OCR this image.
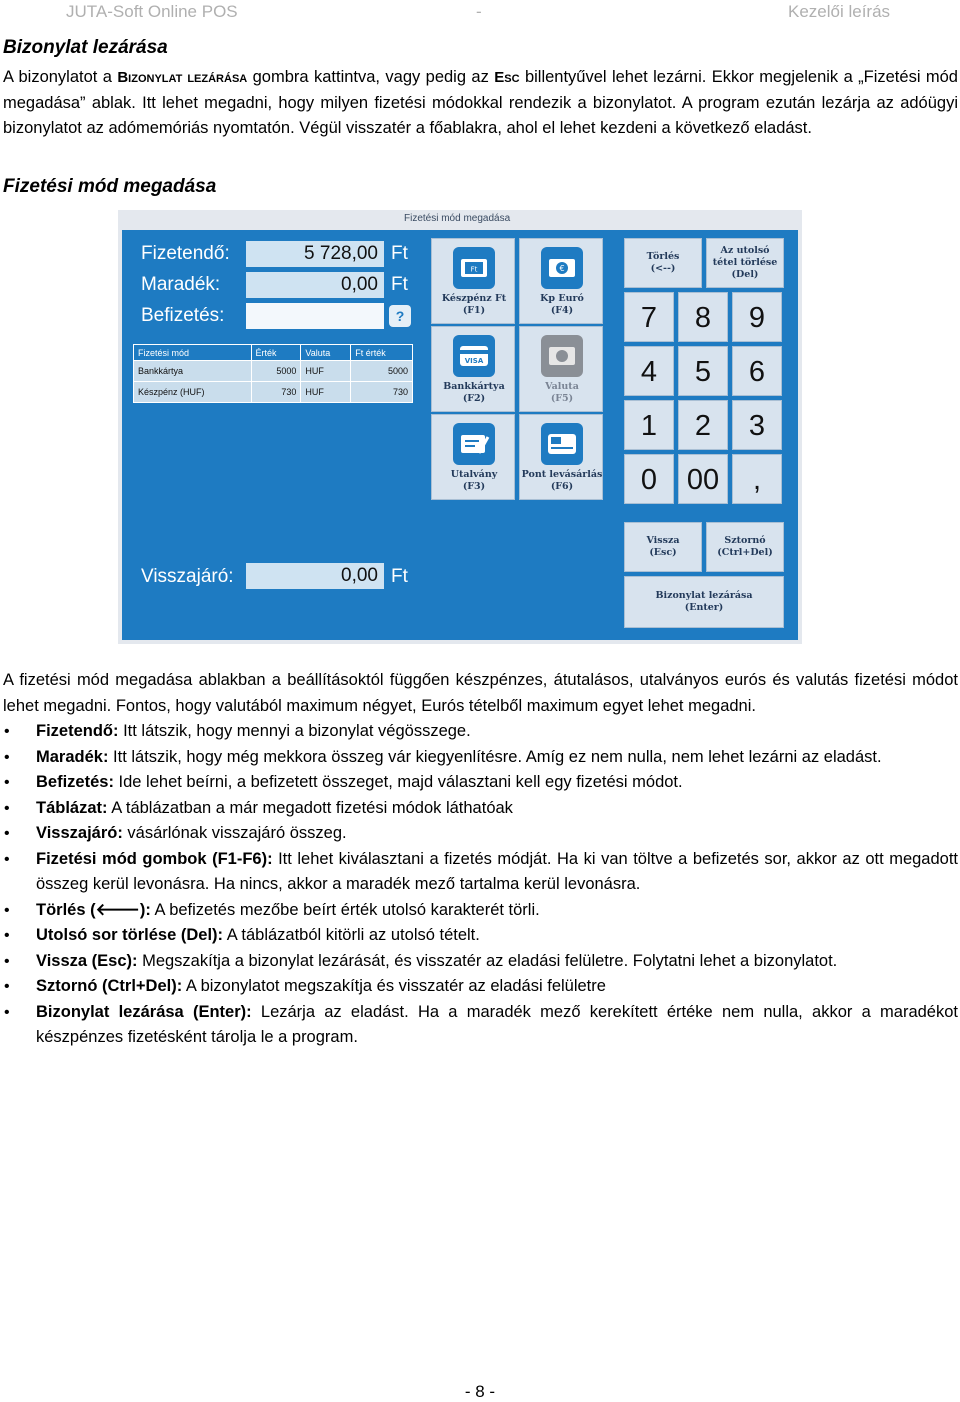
JUTA-Soft Online POS	-	Kezelői leírás
Bizonylat lezárása

A bizonylatot a Bizonylat lezárása gombra kattintva, vagy pedig az Esc billentyűvel lehet lezárni. Ekkor megjelenik a „Fizetési mód megadása” ablak. Itt lehet megadni, hogy milyen fizetési módokkal rendezik a bizonylatot. A program ezután lezárja az adóügyi bizonylatot az adómemóriás nyomtatón. Végül visszatér a főablakra, ahol el lehet kezdeni a következő eladást.

Fizetési mód megadása
Fizetési mód megadása
Fizetendő:	5 728,00 Ft
Maradék:	0,00 Ft
Befizetés:	?
Fizetési mód	Érték	Valuta	Ft érték
Bankkártya	5000	HUF	5000
Készpénz (HUF)	730	HUF	730
Visszajáró:	0,00 Ft
Ft
Készpénz Ft
(F1)
€
Kp Euró
(F4)
VISA
Bankkártya
(F2)
Valuta
(F5)
Utalvány
(F3)
Pont levásárlás
(F6)
Törlés
(<--)
Az utolsó
tétel törlése
(Del)
7	8	9
4	5	6
1	2	3
0	00	,
Vissza
(Esc)
Sztornó
(Ctrl+Del)
Bizonylat lezárása
(Enter)

A fizetési mód megadása ablakban a beállításoktól függően készpénzes, átutalásos, utalványos eurós és valutás fizetési módot lehet megadni. Fontos, hogy valutából maximum négyet, Eurós tételből maximum egyet lehet megadni.

• Fizetendő: Itt látszik, hogy mennyi a bizonylat végösszege.
• Maradék: Itt látszik, hogy még mekkora összeg vár kiegyenlítésre. Amíg ez nem nulla, nem lehet lezárni az eladást.
• Befizetés: Ide lehet beírni, a befizetett összeget, majd választani kell egy fizetési módot.
• Táblázat: A táblázatban a már megadott fizetési módok láthatóak
• Visszajáró: vásárlónak visszajáró összeg.
• Fizetési mód gombok (F1-F6): Itt lehet kiválasztani a fizetés módját. Ha ki van töltve a befizetés sor, akkor az ott megadott összeg kerül levonásra. Ha nincs, akkor a maradék mező tartalma kerül levonásra.
• Törlés (🡐): A befizetés mezőbe beírt érték utolsó karakterét törli.
• Utolsó sor törlése (Del): A táblázatból kitörli az utolsó tételt.
• Vissza (Esc): Megszakítja a bizonylat lezárását, és visszatér az eladási felületre. Folytatni lehet a bizonylatot.
• Sztornó (Ctrl+Del): A bizonylatot megszakítja és visszatér az eladási felületre
• Bizonylat lezárása (Enter): Lezárja az eladást. Ha a maradék mező kerekített értéke nem nulla, akkor a maradékot készpénzes fizetésként tárolja le a program.
- 8 -
